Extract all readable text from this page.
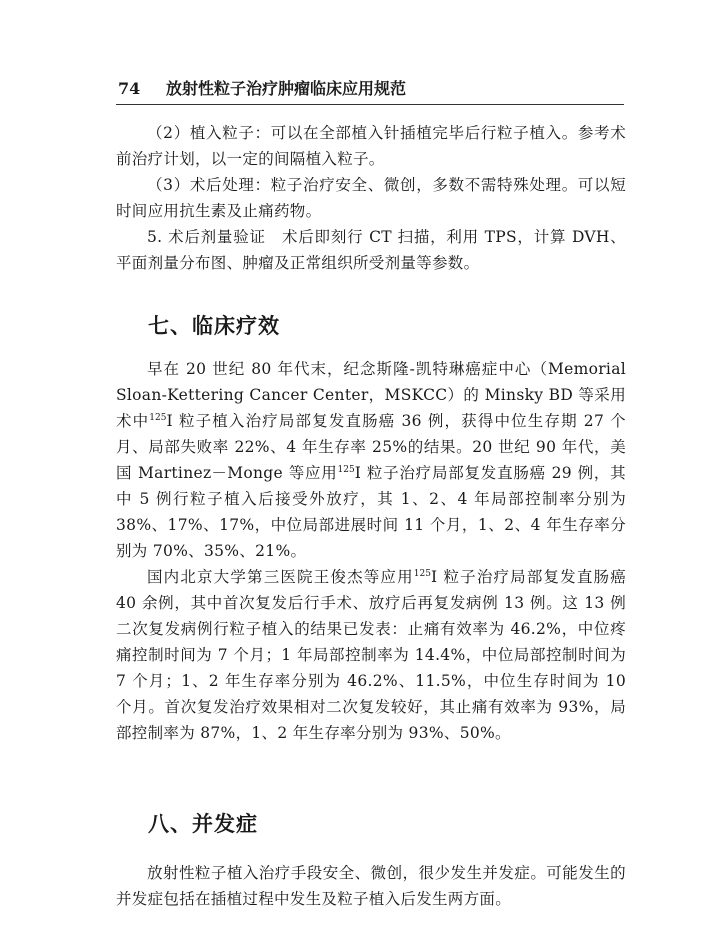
74 放射性粒子治疗肿瘤临床应用规范

（2）植入粒子：可以在全部植入针插植完毕后行粒子植入。参考术前治疗计划，以一定的间隔植入粒子。

（3）术后处理：粒子治疗安全、微创，多数不需特殊处理。可以短时间应用抗生素及止痛药物。

5. 术后剂量验证　术后即刻行 CT 扫描，利用 TPS，计算 DVH、平面剂量分布图、肿瘤及正常组织所受剂量等参数。

七、临床疗效

早在 20 世纪 80 年代末，纪念斯隆-凯特琳癌症中心（Memorial Sloan-Kettering Cancer Center，MSKCC）的 Minsky BD 等采用术中$^{125}$I 粒子植入治疗局部复发直肠癌 36 例，获得中位生存期 27 个月、局部失败率 22%、4 年生存率 25%的结果。20 世纪 90 年代，美国 Martinez－Monge 等应用$^{125}$I 粒子治疗局部复发直肠癌 29 例，其中 5 例行粒子植入后接受外放疗，其 1、2、4 年局部控制率分别为 38%、17%、17%，中位局部进展时间 11 个月，1、2、4 年生存率分别为 70%、35%、21%。

国内北京大学第三医院王俊杰等应用$^{125}$I 粒子治疗局部复发直肠癌 40 余例，其中首次复发后行手术、放疗后再复发病例 13 例。这 13 例二次复发病例行粒子植入的结果已发表：止痛有效率为 46.2%，中位疼痛控制时间为 7 个月；1 年局部控制率为 14.4%，中位局部控制时间为 7 个月；1、2 年生存率分别为 46.2%、11.5%，中位生存时间为 10 个月。首次复发治疗效果相对二次复发较好，其止痛有效率为 93%，局部控制率为 87%，1、2 年生存率分别为 93%、50%。

八、并发症

放射性粒子植入治疗手段安全、微创，很少发生并发症。可能发生的并发症包括在插植过程中发生及粒子植入后发生两方面。
